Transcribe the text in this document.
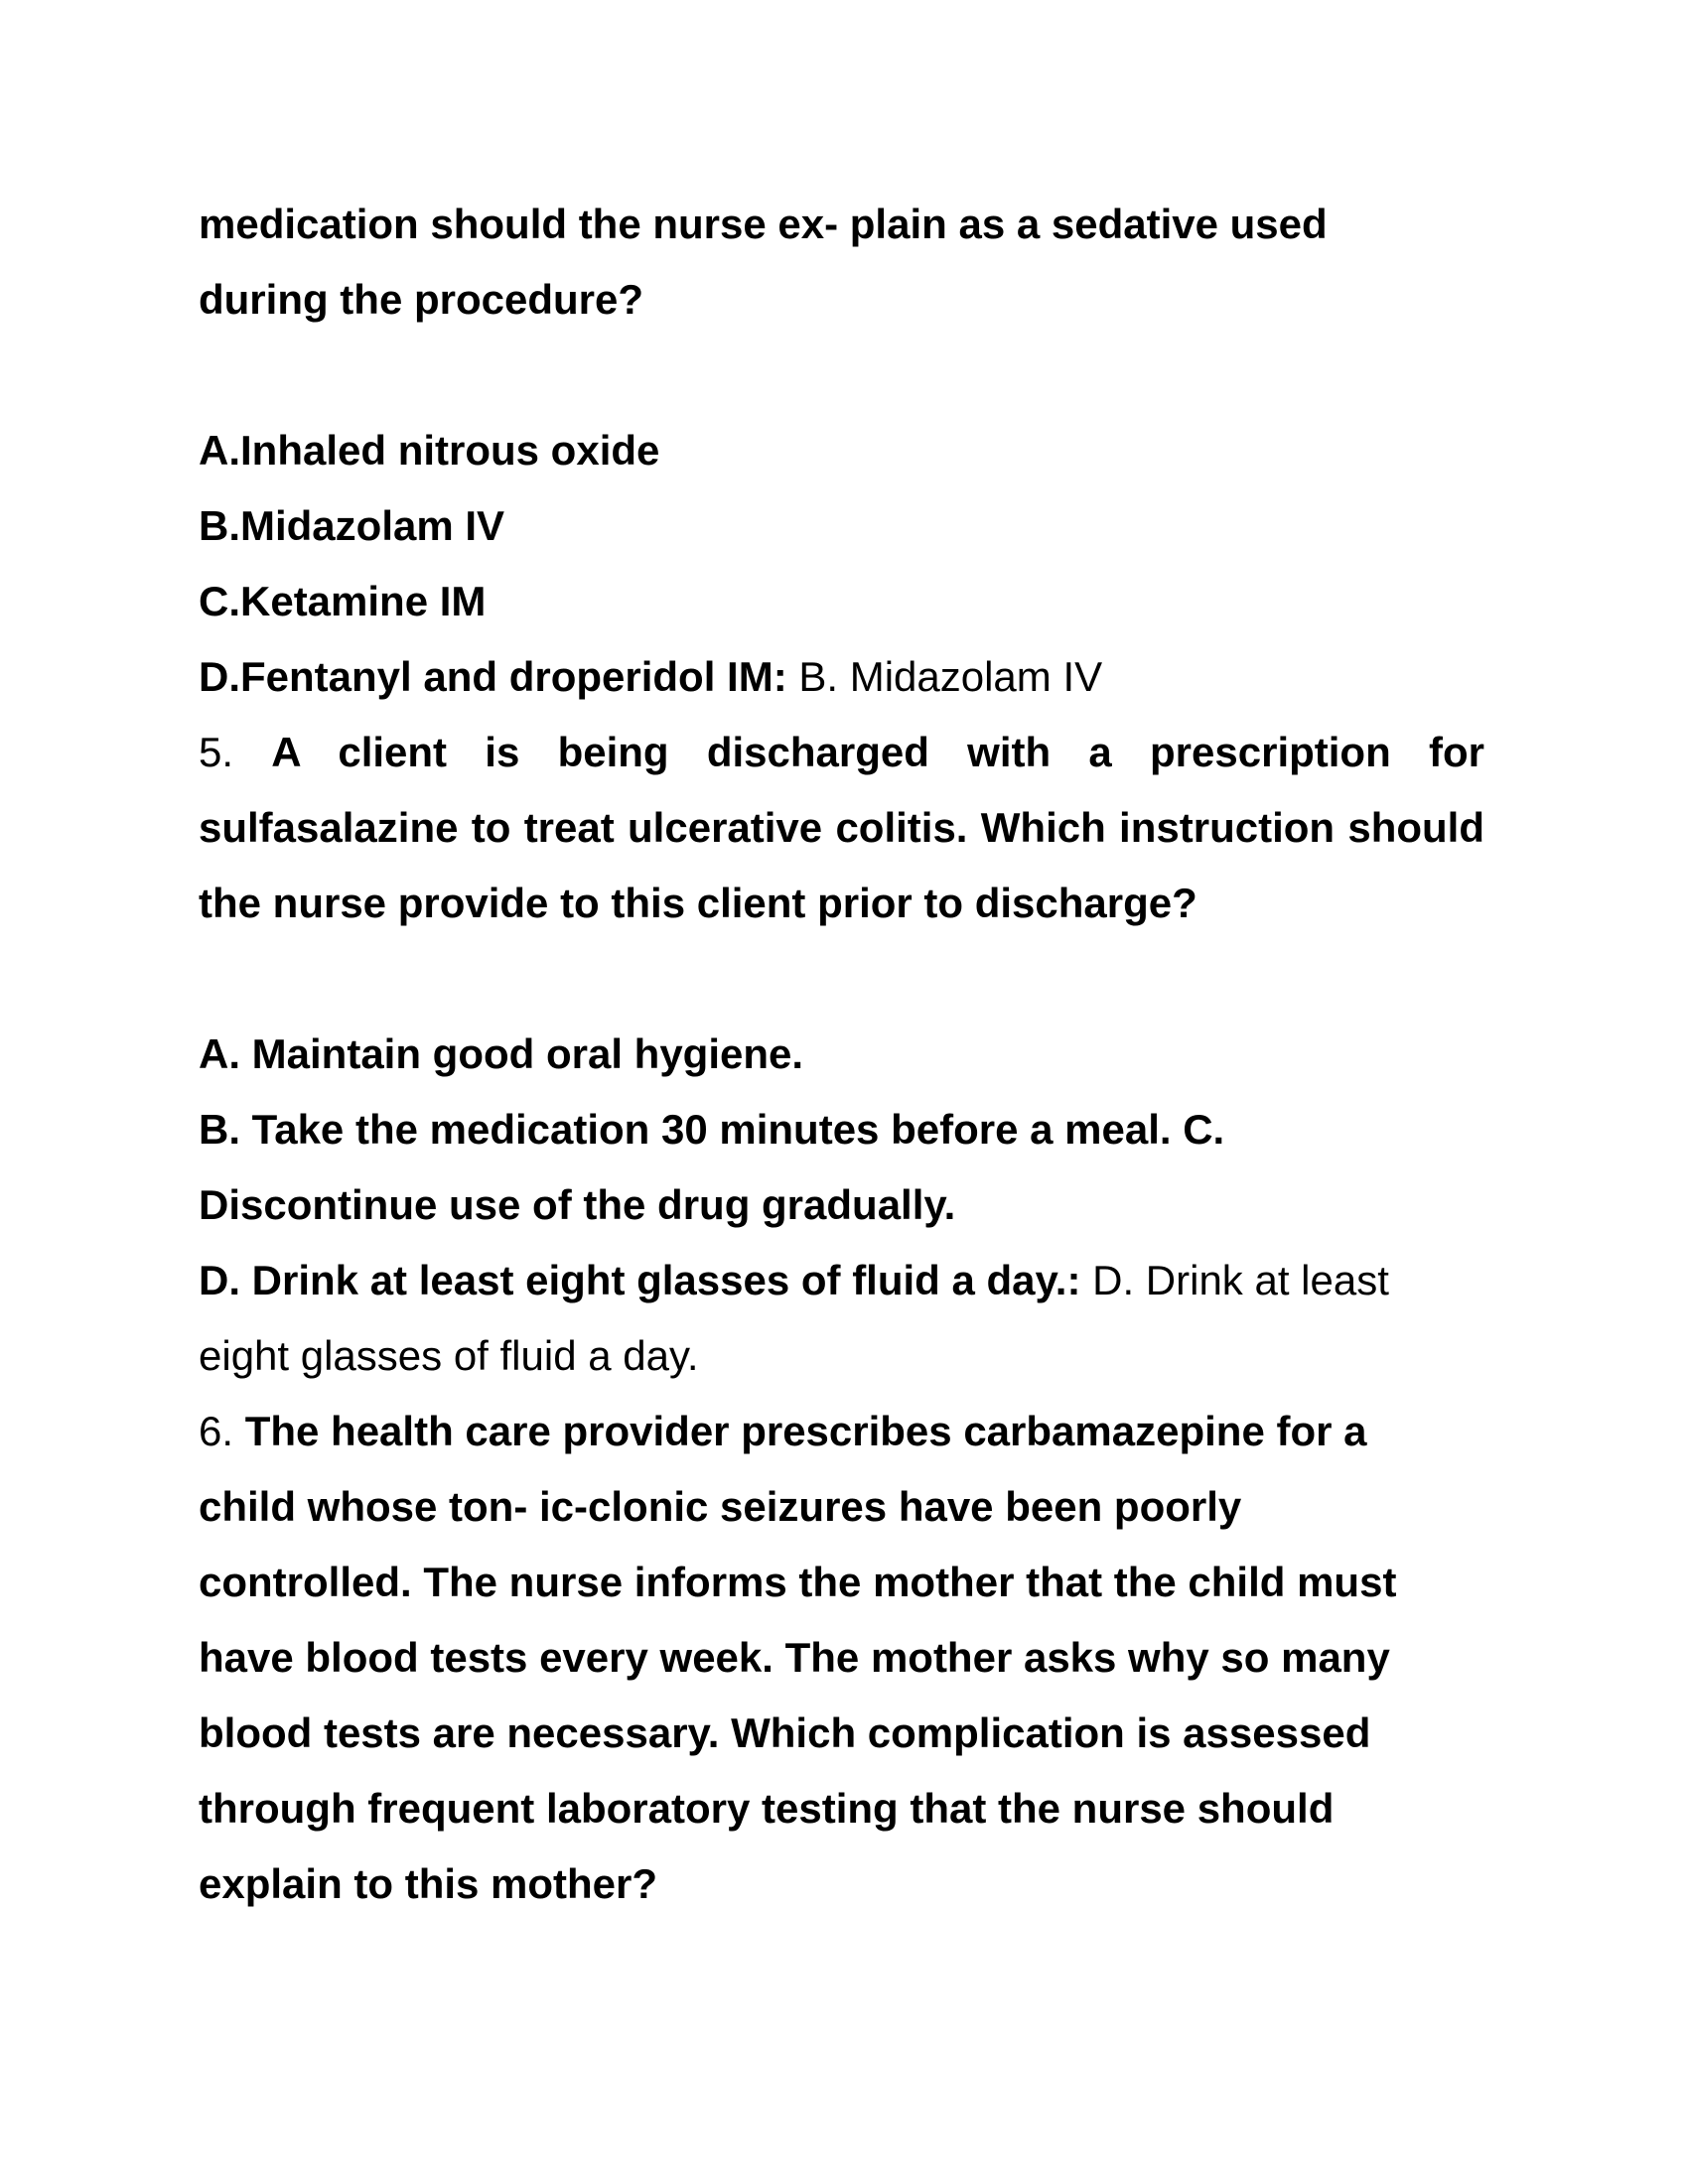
medication should the nurse ex- plain as a sedative used
during the procedure?
A.Inhaled nitrous oxide
B.Midazolam IV
C.Ketamine IM
D.Fentanyl and droperidol IM: B. Midazolam IV
5. A client is being discharged with a prescription for sulfasalazine to treat ulcerative colitis. Which instruction should the nurse provide to this client prior to discharge?
A. Maintain good oral hygiene.
B. Take the medication 30 minutes before a meal. C.
Discontinue use of the drug gradually.
D. Drink at least eight glasses of fluid a day.: D. Drink at least
eight glasses of fluid a day.
6. The health care provider prescribes carbamazepine for a
child whose ton- ic-clonic seizures have been poorly
controlled. The nurse informs the mother that the child must
have blood tests every week. The mother asks why so many
blood tests are necessary. Which complication is assessed
through frequent laboratory testing that the nurse should
explain to this mother?
